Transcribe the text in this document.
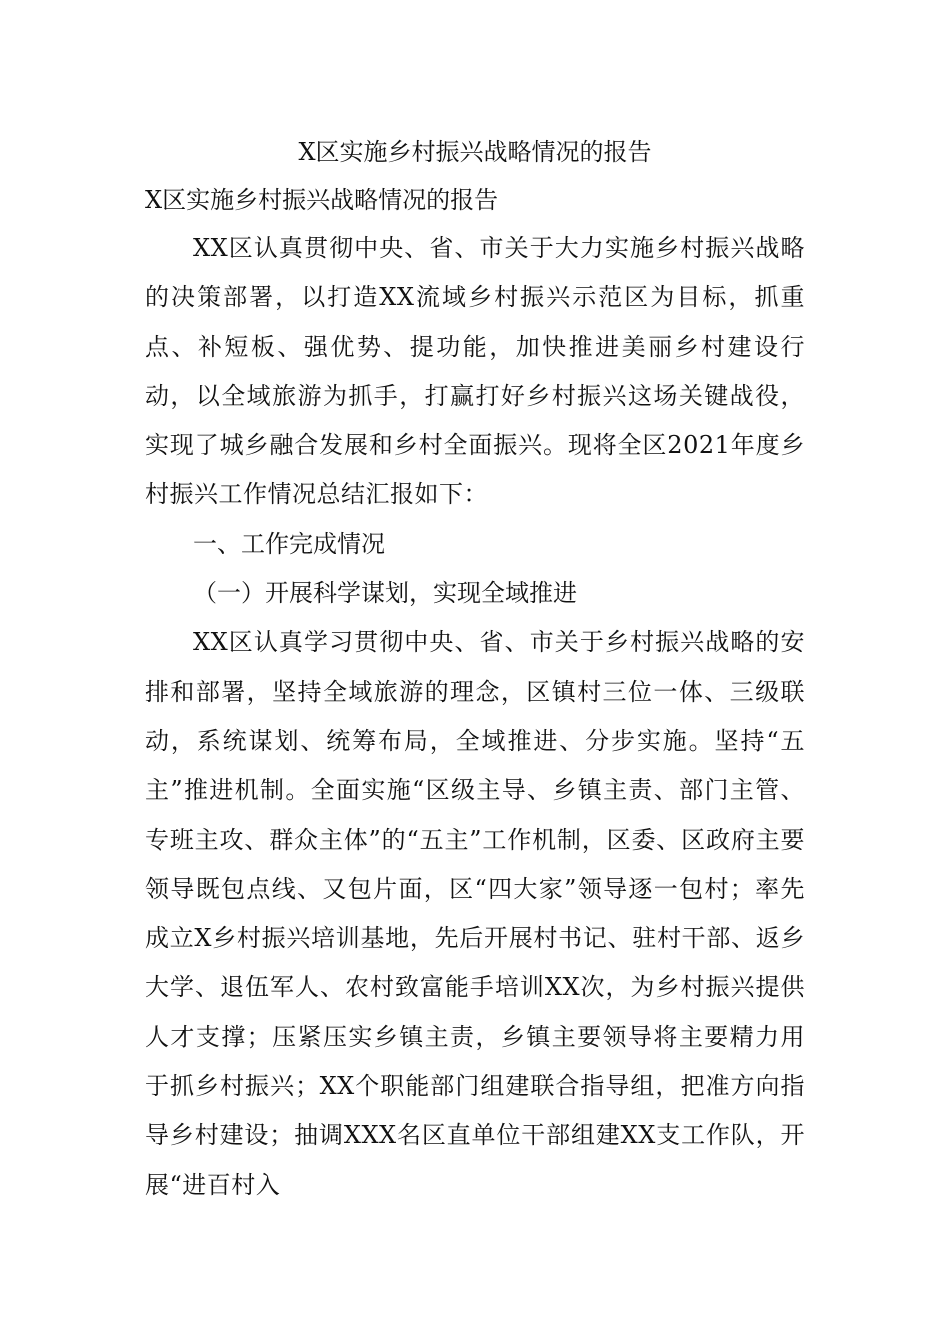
X区实施乡村振兴战略情况的报告

X区实施乡村振兴战略情况的报告

XX区认真贯彻中央、省、市关于大力实施乡村振兴战略的决策部署，以打造XX流域乡村振兴示范区为目标，抓重点、补短板、强优势、提功能，加快推进美丽乡村建设行动，以全域旅游为抓手，打赢打好乡村振兴这场关键战役，实现了城乡融合发展和乡村全面振兴。现将全区2021年度乡村振兴工作情况总结汇报如下：

一、工作完成情况

（一）开展科学谋划，实现全域推进

XX区认真学习贯彻中央、省、市关于乡村振兴战略的安排和部署，坚持全域旅游的理念，区镇村三位一体、三级联动，系统谋划、统筹布局，全域推进、分步实施。坚持“五主”推进机制。全面实施“区级主导、乡镇主责、部门主管、专班主攻、群众主体”的“五主”工作机制，区委、区政府主要领导既包点线、又包片面，区“四大家”领导逐一包村；率先成立X乡村振兴培训基地，先后开展村书记、驻村干部、返乡大学、退伍军人、农村致富能手培训XX次，为乡村振兴提供人才支撑；压紧压实乡镇主责，乡镇主要领导将主要精力用于抓乡村振兴；XX个职能部门组建联合指导组，把准方向指导乡村建设；抽调XXX名区直单位干部组建XX支工作队，开展“进百村入
